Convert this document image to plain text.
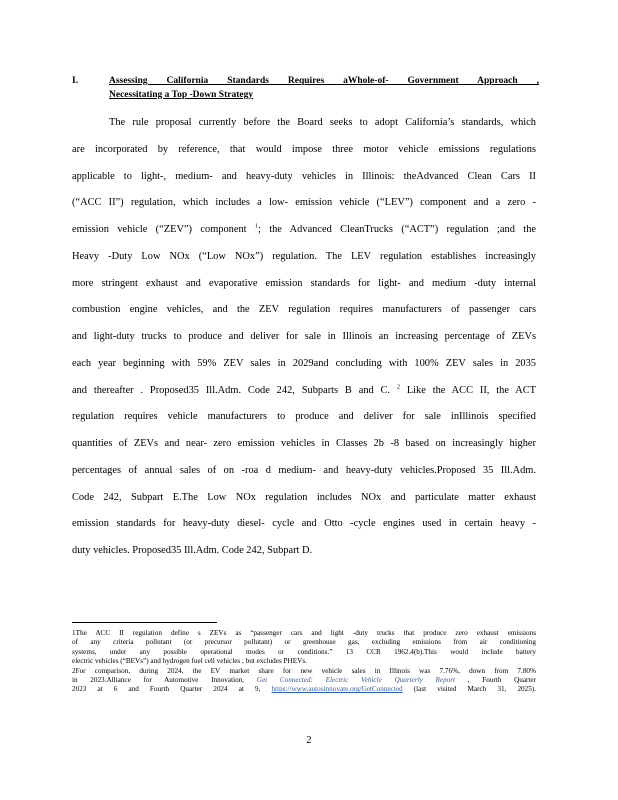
I.	Assessing California Standards Requires aWhole-of- Government Approach ,
Necessitating a Top -Down Strategy
The rule proposal currently before the Board seeks to adopt California’s standards, which
are incorporated by reference, that would impose three motor vehicle emissions regulations
applicable to light-, medium- and heavy-duty vehicles in Illinois: theAdvanced Clean Cars II
(“ACC II”) regulation, which includes a low- emission vehicle (“LEV”) component and a zero -
emission vehicle (“ZEV”) component $^1$; the Advanced CleanTrucks (“ACT”) regulation ;and the
Heavy -Duty Low NOx (“Low NOx”) regulation. The LEV regulation establishes increasingly
more stringent exhaust and evaporative emission standards for light- and medium -duty internal
combustion engine vehicles, and the ZEV regulation requires manufacturers of passenger cars
and light-duty trucks to produce and deliver for sale in Illinois an increasing percentage of ZEVs
each year beginning with 59% ZEV sales in 2029and concluding with 100% ZEV sales in 2035
and thereafter . Proposed35 Ill.Adm. Code 242, Subparts B and C. $^2$ Like the ACC II, the ACT
regulation requires vehicle manufacturers to produce and deliver for sale inIllinois specified
quantities of ZEVs and near- zero emission vehicles in Classes 2b -8 based on increasingly higher
percentages of annual sales of on -roa d medium- and heavy-duty vehicles.Proposed 35 Ill.Adm.
Code 242, Subpart E.The Low NOx regulation includes NOx and particulate matter exhaust
emission standards for heavy-duty diesel- cycle and Otto -cycle engines used in certain heavy -
duty vehicles. Proposed35 Ill.Adm. Code 242, Subpart D.
1The ACC II regulation define s ZEVs as “passenger cars and light -duty trucks that produce zero exhaust emissions
of any criteria pollutant (or precursor pollutant) or greenhouse gas, excluding emissions from air conditioning
systems, under any possible operational modes or conditions.” 13 CCR 1962.4(b).This would include battery
electric vehicles (“BEVs”) and hydrogen fuel cell vehicles , but excludes PHEVs.
2For comparison, during 2024, the EV market share for new vehicle sales in Illinois was 7.76%, down from 7.80%
in 2023.Alliance for Automotive Innovation, Get Connected: Electric Vehicle Quarterly Report , Fourth Quarter
2023 at 6 and Fourth Quarter 2024 at 9, https://www.autosinnovate.org/GetConnected (last visited March 31, 2025).
2
